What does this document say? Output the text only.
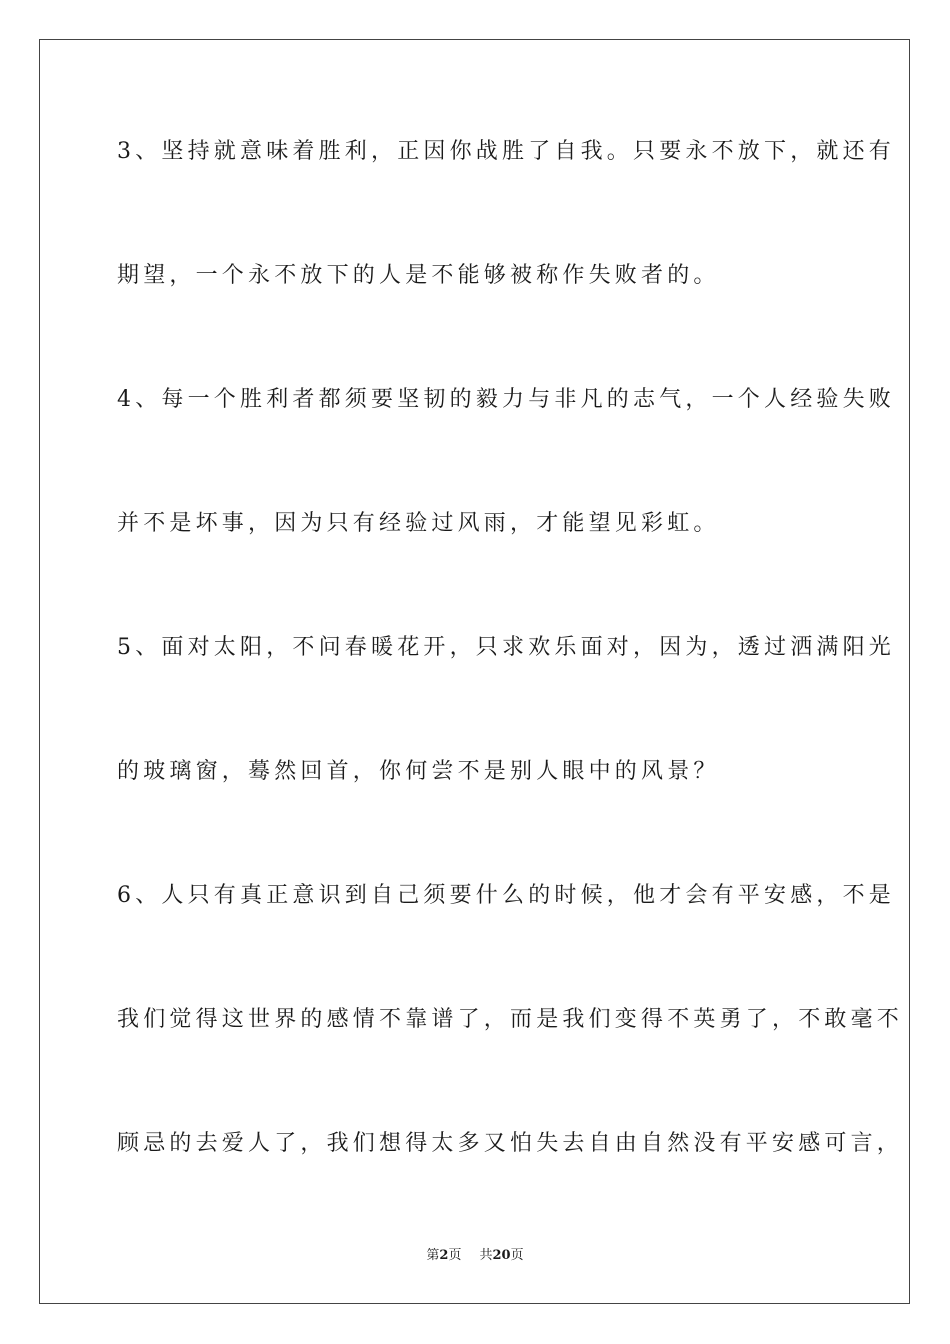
3、坚持就意味着胜利，正因你战胜了自我。只要永不放下，就还有
期望，一个永不放下的人是不能够被称作失败者的。
4、每一个胜利者都须要坚韧的毅力与非凡的志气，一个人经验失败
并不是坏事，因为只有经验过风雨，才能望见彩虹。
5、面对太阳，不问春暖花开，只求欢乐面对，因为，透过洒满阳光
的玻璃窗，蓦然回首，你何尝不是别人眼中的风景？
6、人只有真正意识到自己须要什么的时候，他才会有平安感，不是
我们觉得这世界的感情不靠谱了，而是我们变得不英勇了，不敢毫不
顾忌的去爱人了，我们想得太多又怕失去自由自然没有平安感可言，
第2页 共20页
